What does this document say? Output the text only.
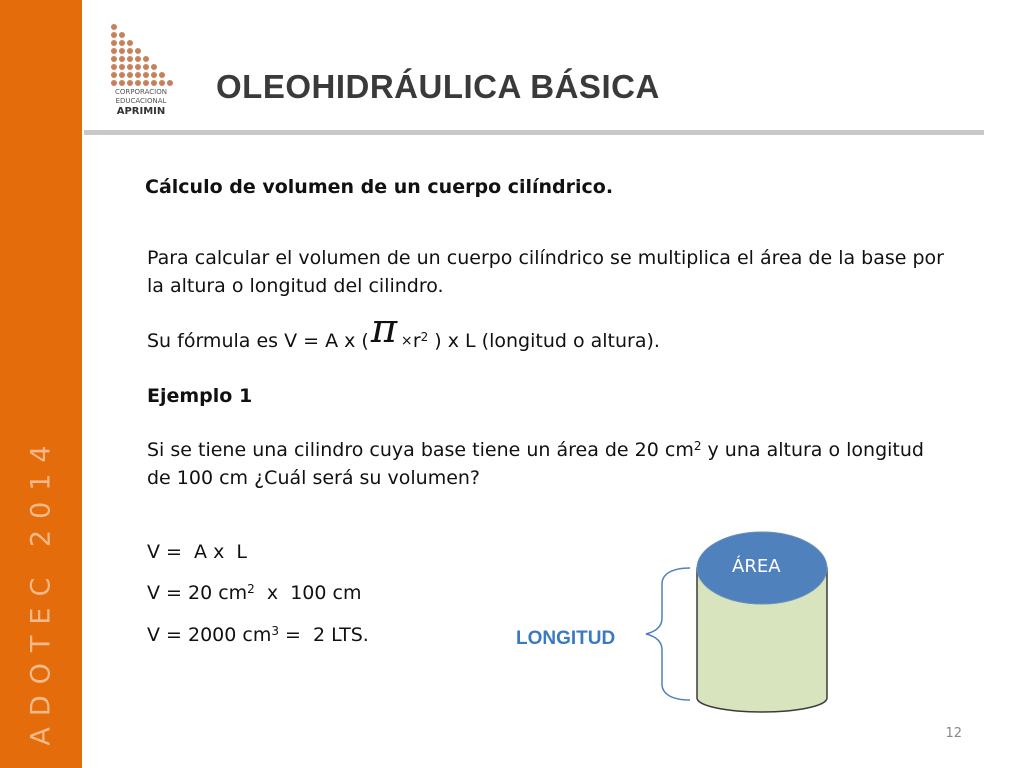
ADOTEC 2014
CORPORACION
EDUCACIONAL
APRIMIN
OLEOHIDRÁULICA BÁSICA

Cálculo de volumen de un cuerpo cilíndrico.

Para calcular el volumen de un cuerpo cilíndrico se multiplica el área de la base por la altura o longitud del cilindro.

Su fórmula es V = A x ( $\pi \times r^2$ ) x L (longitud o altura).

Ejemplo 1

Si se tiene una cilindro cuya base tiene un área de 20 $cm^2$ y una altura o longitud de 100 cm ¿Cuál será su volumen?

V =  A x  L

V = 20 $cm^2$  x  100 cm

V = 2000 $cm^3 = 2$ LTS.

ÁREA
LONGITUD
12
